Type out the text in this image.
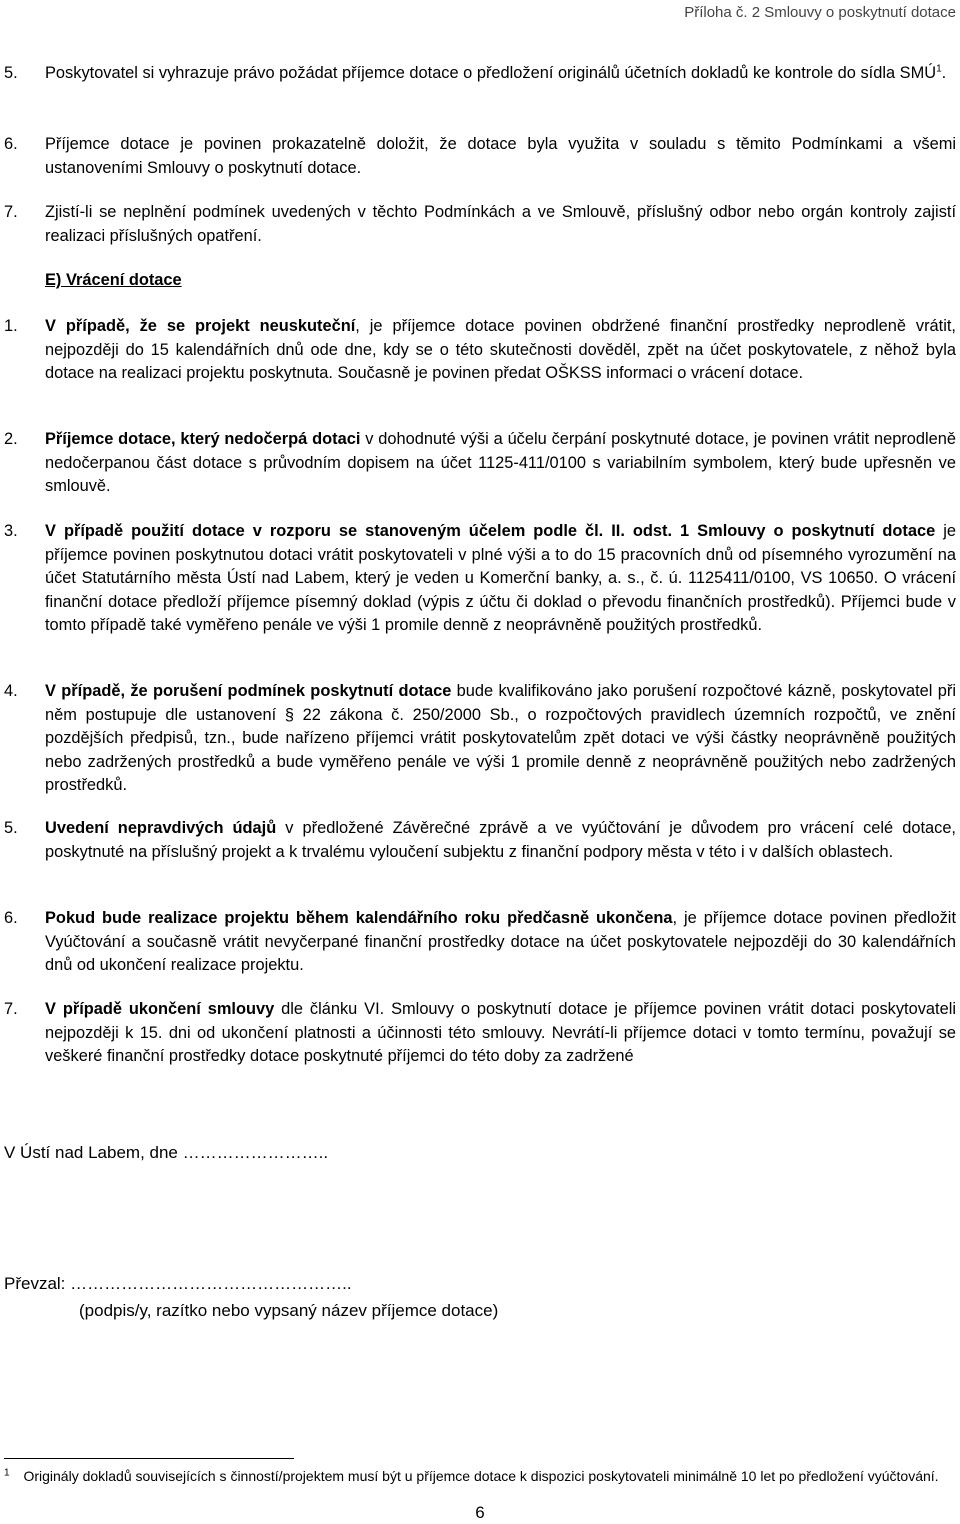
Příloha č. 2 Smlouvy o poskytnutí dotace
5.	Poskytovatel si vyhrazuje právo požádat příjemce dotace o předložení originálů účetních dokladů ke kontrole do sídla SMÚ$^1$.
6.	Příjemce dotace je povinen prokazatelně doložit, že dotace byla využita v souladu s těmito Podmínkami a všemi ustanoveními Smlouvy o poskytnutí dotace.
7.	Zjistí-li se neplnění podmínek uvedených v těchto Podmínkách a ve Smlouvě, příslušný odbor nebo orgán kontroly zajistí realizaci příslušných opatření.
E) Vrácení dotace
1.	V případě, že se projekt neuskuteční, je příjemce dotace povinen obdržené finanční prostředky neprodleně vrátit, nejpozději do 15 kalendářních dnů ode dne, kdy se o této skutečnosti dověděl, zpět na účet poskytovatele, z něhož byla dotace na realizaci projektu poskytnuta. Současně je povinen předat OŠKSS informaci o vrácení dotace.
2.	Příjemce dotace, který nedočerpá dotaci v dohodnuté výši a účelu čerpání poskytnuté dotace, je povinen vrátit neprodleně nedočerpanou část dotace s průvodním dopisem na účet 1125-411/0100 s variabilním symbolem, který bude upřesněn ve smlouvě.
3.	V případě použití dotace v rozporu se stanoveným účelem podle čl. II. odst. 1 Smlouvy o poskytnutí dotace je příjemce povinen poskytnutou dotaci vrátit poskytovateli v plné výši a to do 15 pracovních dnů od písemného vyrozumění na účet Statutárního města Ústí nad Labem, který je veden u Komerční banky, a. s., č. ú. 1125411/0100, VS 10650. O vrácení finanční dotace předloží příjemce písemný doklad (výpis z účtu či doklad o převodu finančních prostředků). Příjemci bude v tomto případě také vyměřeno penále ve výši 1 promile denně z neoprávněně použitých prostředků.
4.	V případě, že porušení podmínek poskytnutí dotace bude kvalifikováno jako porušení rozpočtové kázně, poskytovatel při něm postupuje dle ustanovení § 22 zákona č. 250/2000 Sb., o rozpočtových pravidlech územních rozpočtů, ve znění pozdějších předpisů, tzn., bude nařízeno příjemci vrátit poskytovatelům zpět dotaci ve výši částky neoprávněně použitých nebo zadržených prostředků a bude vyměřeno penále ve výši 1 promile denně z neoprávněně použitých nebo zadržených prostředků.
5.	Uvedení nepravdivých údajů v předložené Závěrečné zprávě a ve vyúčtování je důvodem pro vrácení celé dotace, poskytnuté na příslušný projekt a k trvalému vyloučení subjektu z finanční podpory města v této i v dalších oblastech.
6.	Pokud bude realizace projektu během kalendářního roku předčasně ukončena, je příjemce dotace povinen předložit Vyúčtování a současně vrátit nevyčerpané finanční prostředky dotace na účet poskytovatele nejpozději do 30 kalendářních dnů od ukončení realizace projektu.
7.	V případě ukončení smlouvy dle článku VI. Smlouvy o poskytnutí dotace je příjemce povinen vrátit dotaci poskytovateli nejpozději k 15. dni od ukončení platnosti a účinnosti této smlouvy. Nevrátí-li příjemce dotaci v tomto termínu, považují se veškeré finanční prostředky dotace poskytnuté příjemci do této doby za zadržené
V Ústí nad Labem, dne ……………………..
Převzal: …………………………………………..
(podpis/y, razítko nebo vypsaný název příjemce dotace)
$^1$ Originály dokladů souvisejících s činností/projektem musí být u příjemce dotace k dispozici poskytovateli minimálně 10 let po předložení vyúčtování.
6
